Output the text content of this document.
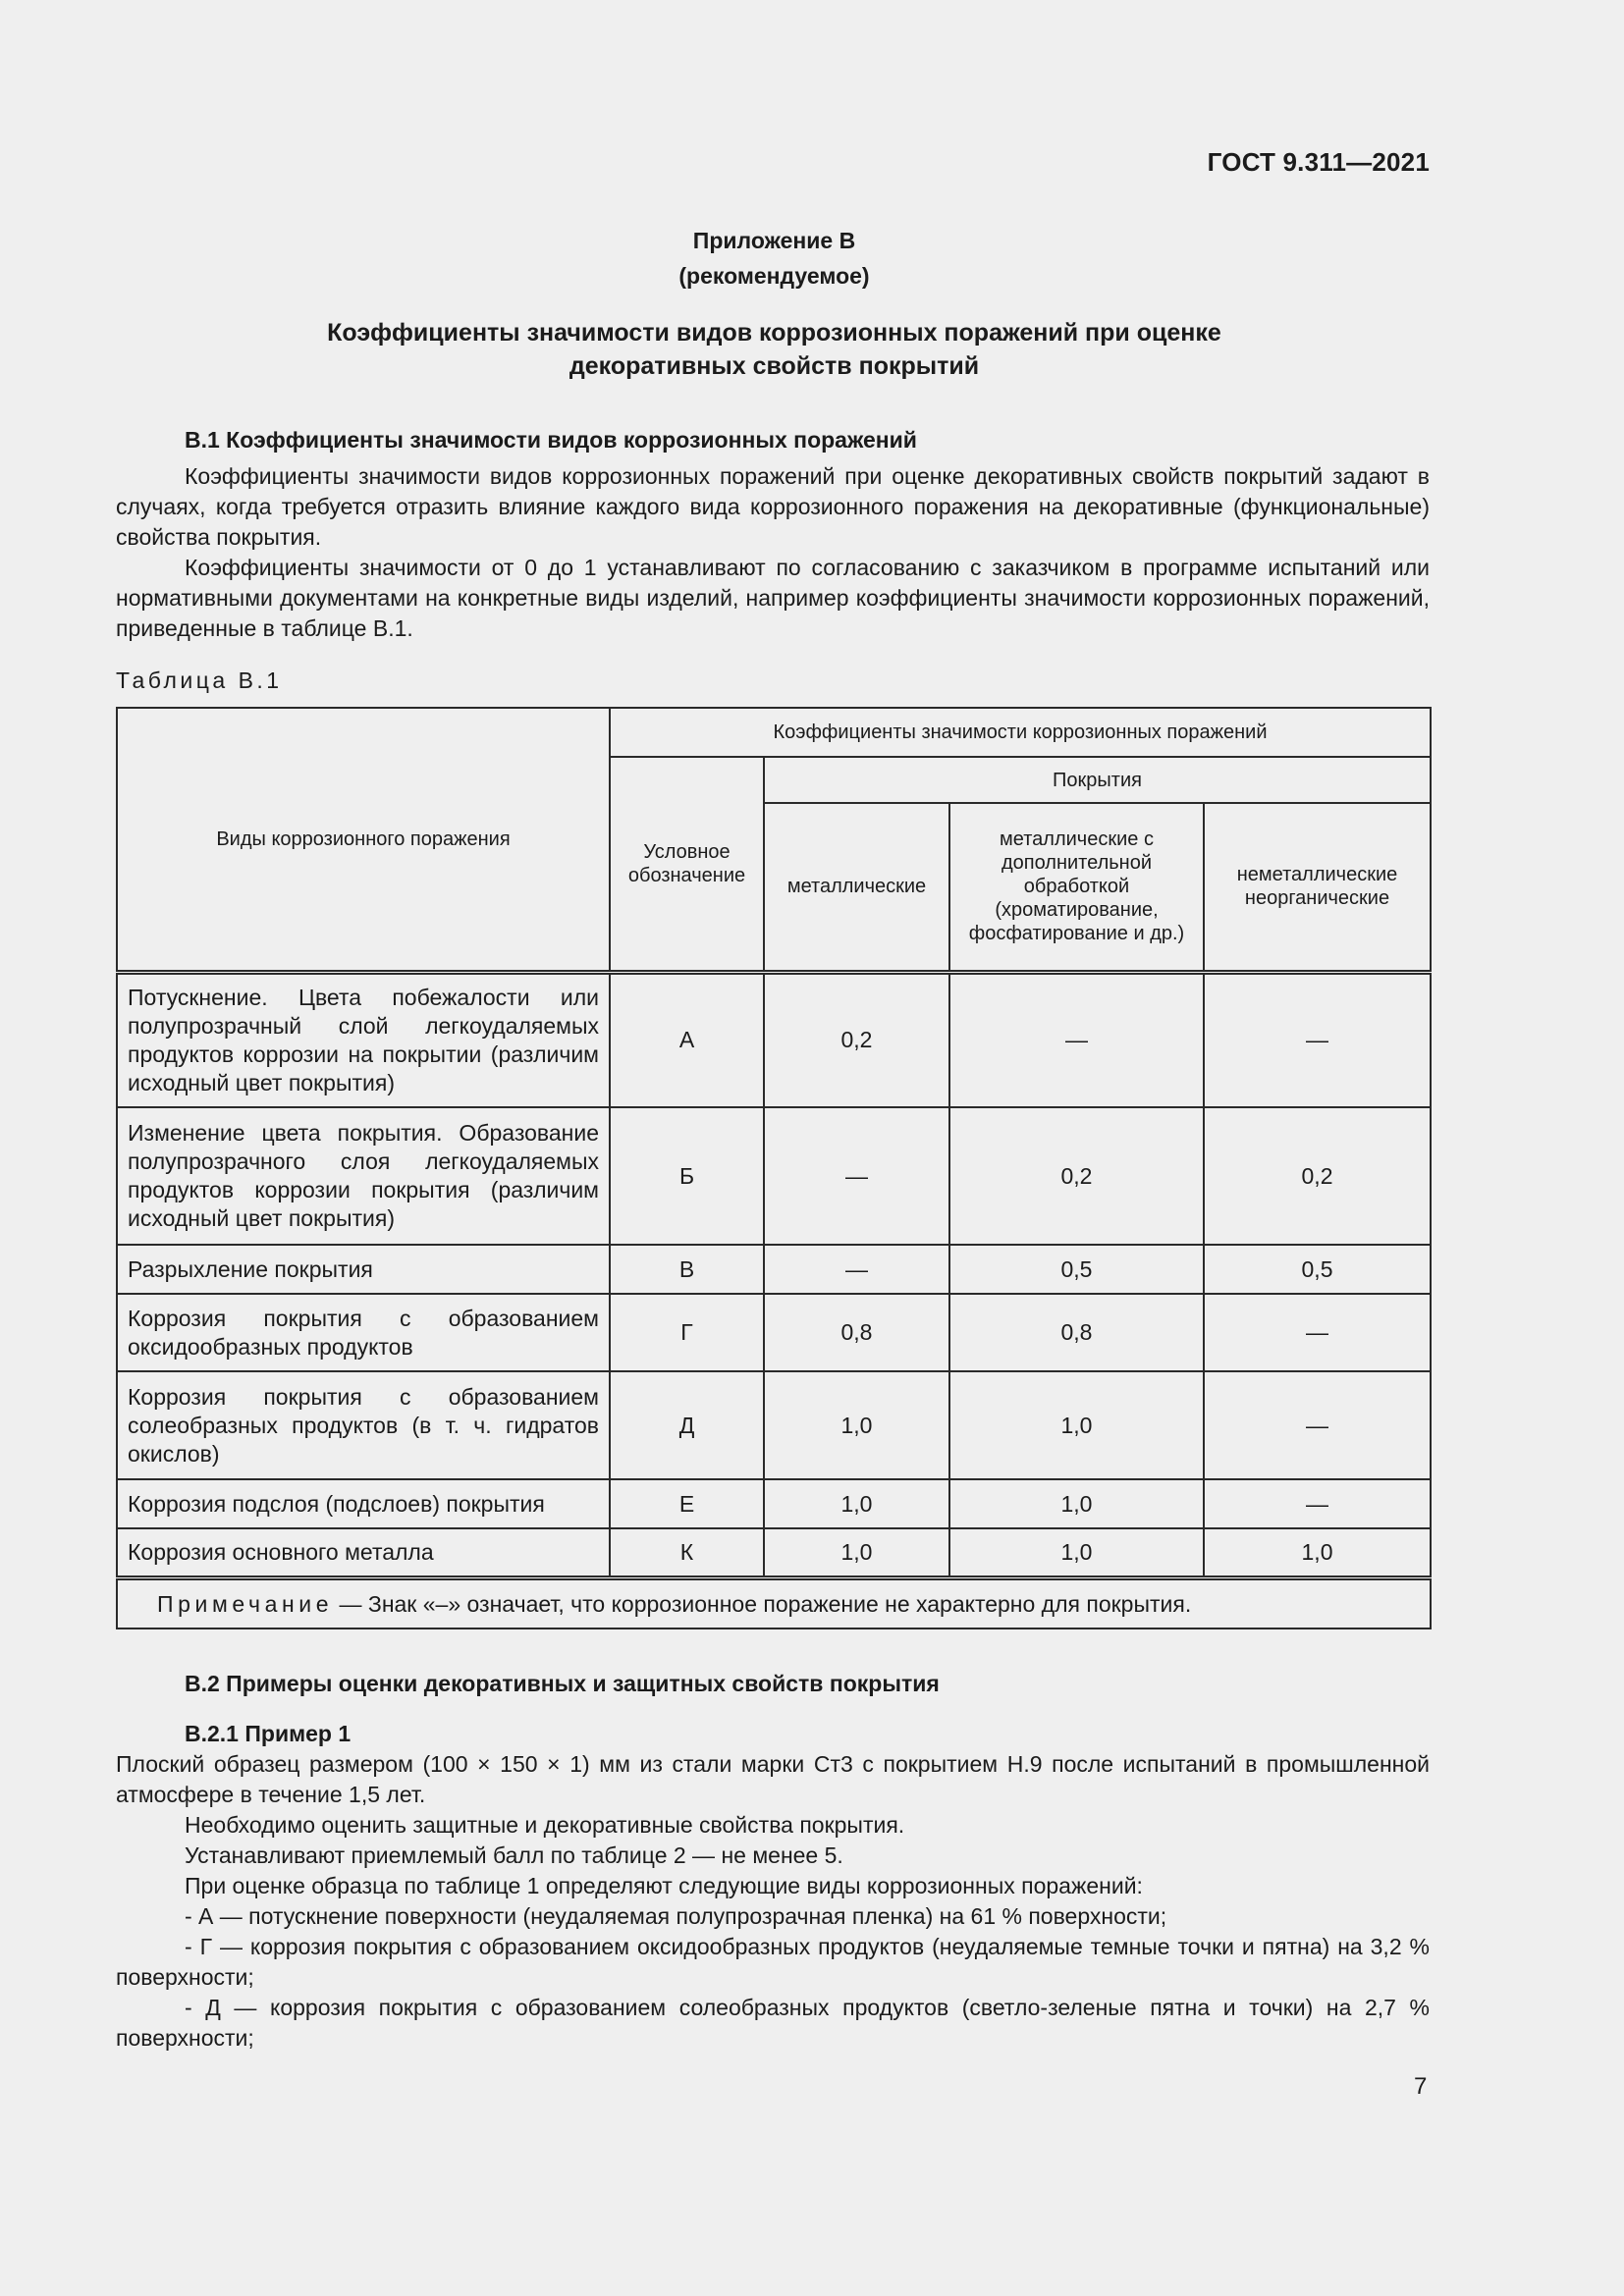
ГОСТ 9.311—2021
Приложение В
(рекомендуемое)
Коэффициенты значимости видов коррозионных поражений при оценке
декоративных свойств покрытий

В.1 Коэффициенты значимости видов коррозионных поражений

Коэффициенты значимости видов коррозионных поражений при оценке декоративных свойств покрытий задают в случаях, когда требуется отразить влияние каждого вида коррозионного поражения на декоративные (функциональные) свойства покрытия.

Коэффициенты значимости от 0 до 1 устанавливают по согласованию с заказчиком в программе испытаний или нормативными документами на конкретные виды изделий, например коэффициенты значимости коррозионных поражений, приведенные в таблице В.1.

Таблица В.1

Виды коррозионного поражения	Коэффициенты значимости коррозионных поражений			
	Условное обозначение	Покрытия		
		металлические	металлические с дополнительной обработкой (хроматирование, фосфатирование и др.)	неметаллические неорганические
Потускнение. Цвета побежалости или полупрозрачный слой легкоудаляемых продуктов коррозии на покрытии (различим исходный цвет покрытия)	А	0,2	—	—
Изменение цвета покрытия. Образование полупрозрачного слоя легкоудаляемых продуктов коррозии покрытия (различим исходный цвет покрытия)	Б	—	0,2	0,2
Разрыхление покрытия	В	—	0,5	0,5
Коррозия покрытия с образованием оксидообразных продуктов	Г	0,8	0,8	—
Коррозия покрытия с образованием солеобразных продуктов (в т. ч. гидратов окислов)	Д	1,0	1,0	—
Коррозия подслоя (подслоев) покрытия	Е	1,0	1,0	—
Коррозия основного металла	К	1,0	1,0	1,0
Примечание — Знак «–» означает, что коррозионное поражение не характерно для покрытия.				

В.2 Примеры оценки декоративных и защитных свойств покрытия

В.2.1 Пример 1

Плоский образец размером (100 × 150 × 1) мм из стали марки Ст3 с покрытием Н.9 после испытаний в промышленной атмосфере в течение 1,5 лет.

Необходимо оценить защитные и декоративные свойства покрытия.

Устанавливают приемлемый балл по таблице 2 — не менее 5.

При оценке образца по таблице 1 определяют следующие виды коррозионных поражений:

- А — потускнение поверхности (неудаляемая полупрозрачная пленка) на 61 % поверхности;

- Г — коррозия покрытия с образованием оксидообразных продуктов (неудаляемые темные точки и пятна) на 3,2 % поверхности;

- Д — коррозия покрытия с образованием солеобразных продуктов (светло-зеленые пятна и точки) на 2,7 % поверхности;

7
